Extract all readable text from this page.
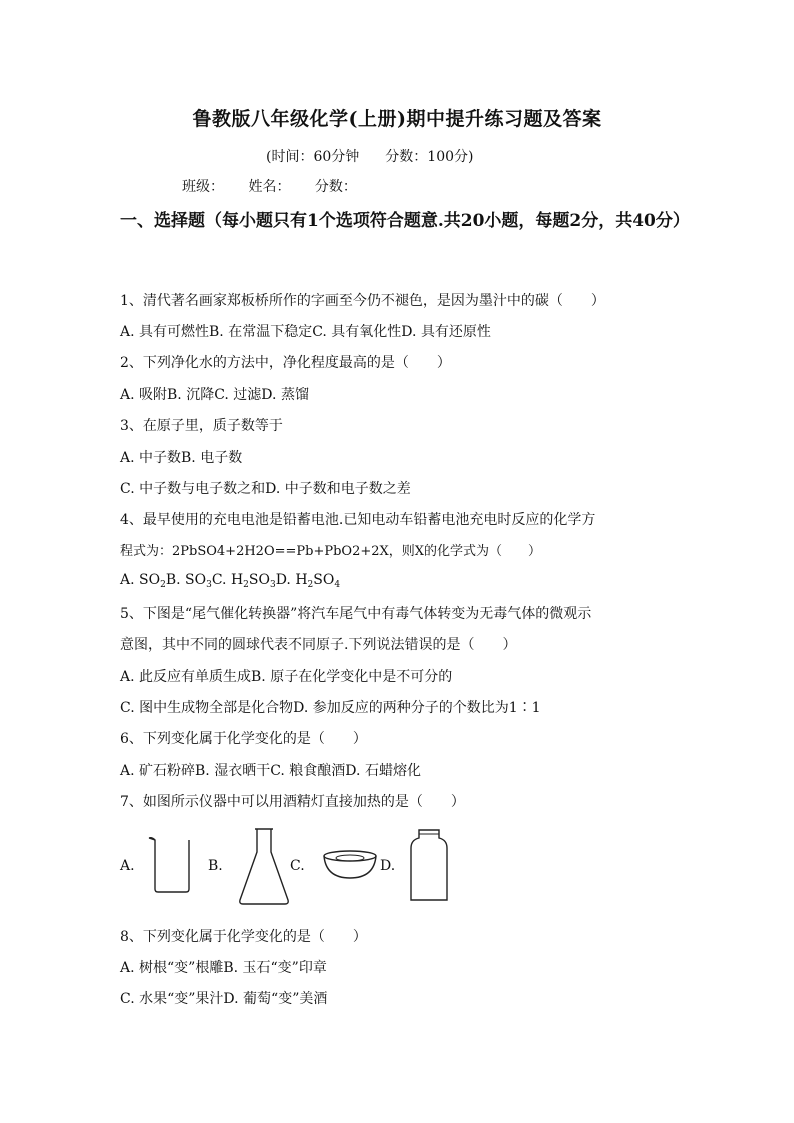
鲁教版八年级化学(上册)期中提升练习题及答案
(时间：60分钟 分数：100分)
班级： 姓名： 分数：
一、选择题（每小题只有1个选项符合题意.共20小题，每题2分，共40分）
1、清代著名画家郑板桥所作的字画至今仍不褪色，是因为墨汁中的碳（　　）
A. 具有可燃性B. 在常温下稳定C. 具有氧化性D. 具有还原性
2、下列净化水的方法中，净化程度最高的是（　　）
A. 吸附B. 沉降C. 过滤D. 蒸馏
3、在原子里，质子数等于
A. 中子数B. 电子数
C. 中子数与电子数之和D. 中子数和电子数之差
4、最早使用的充电电池是铅蓄电池.已知电动车铅蓄电池充电时反应的化学方
程式为：2PbSO4+2H2O==Pb+PbO2+2X，则X的化学式为（　　）
A. $SO_2B$. $SO_3C$. $H_2SO_3D$. $H_2SO_4$
5、下图是“尾气催化转换器”将汽车尾气中有毒气体转变为无毒气体的微观示
意图，其中不同的圆球代表不同原子.下列说法错误的是（　　）
A. 此反应有单质生成B. 原子在化学变化中是不可分的
C. 图中生成物全部是化合物D. 参加反应的两种分子的个数比为1∶1
6、下列变化属于化学变化的是（　　）
A. 矿石粉碎B. 湿衣晒干C. 粮食酿酒D. 石蜡熔化
7、如图所示仪器中可以用酒精灯直接加热的是（　　）
A.	B.	C.	D.
8、下列变化属于化学变化的是（　　）
A. 树根“变”根雕B. 玉石“变”印章
C. 水果“变”果汁D. 葡萄“变”美酒
